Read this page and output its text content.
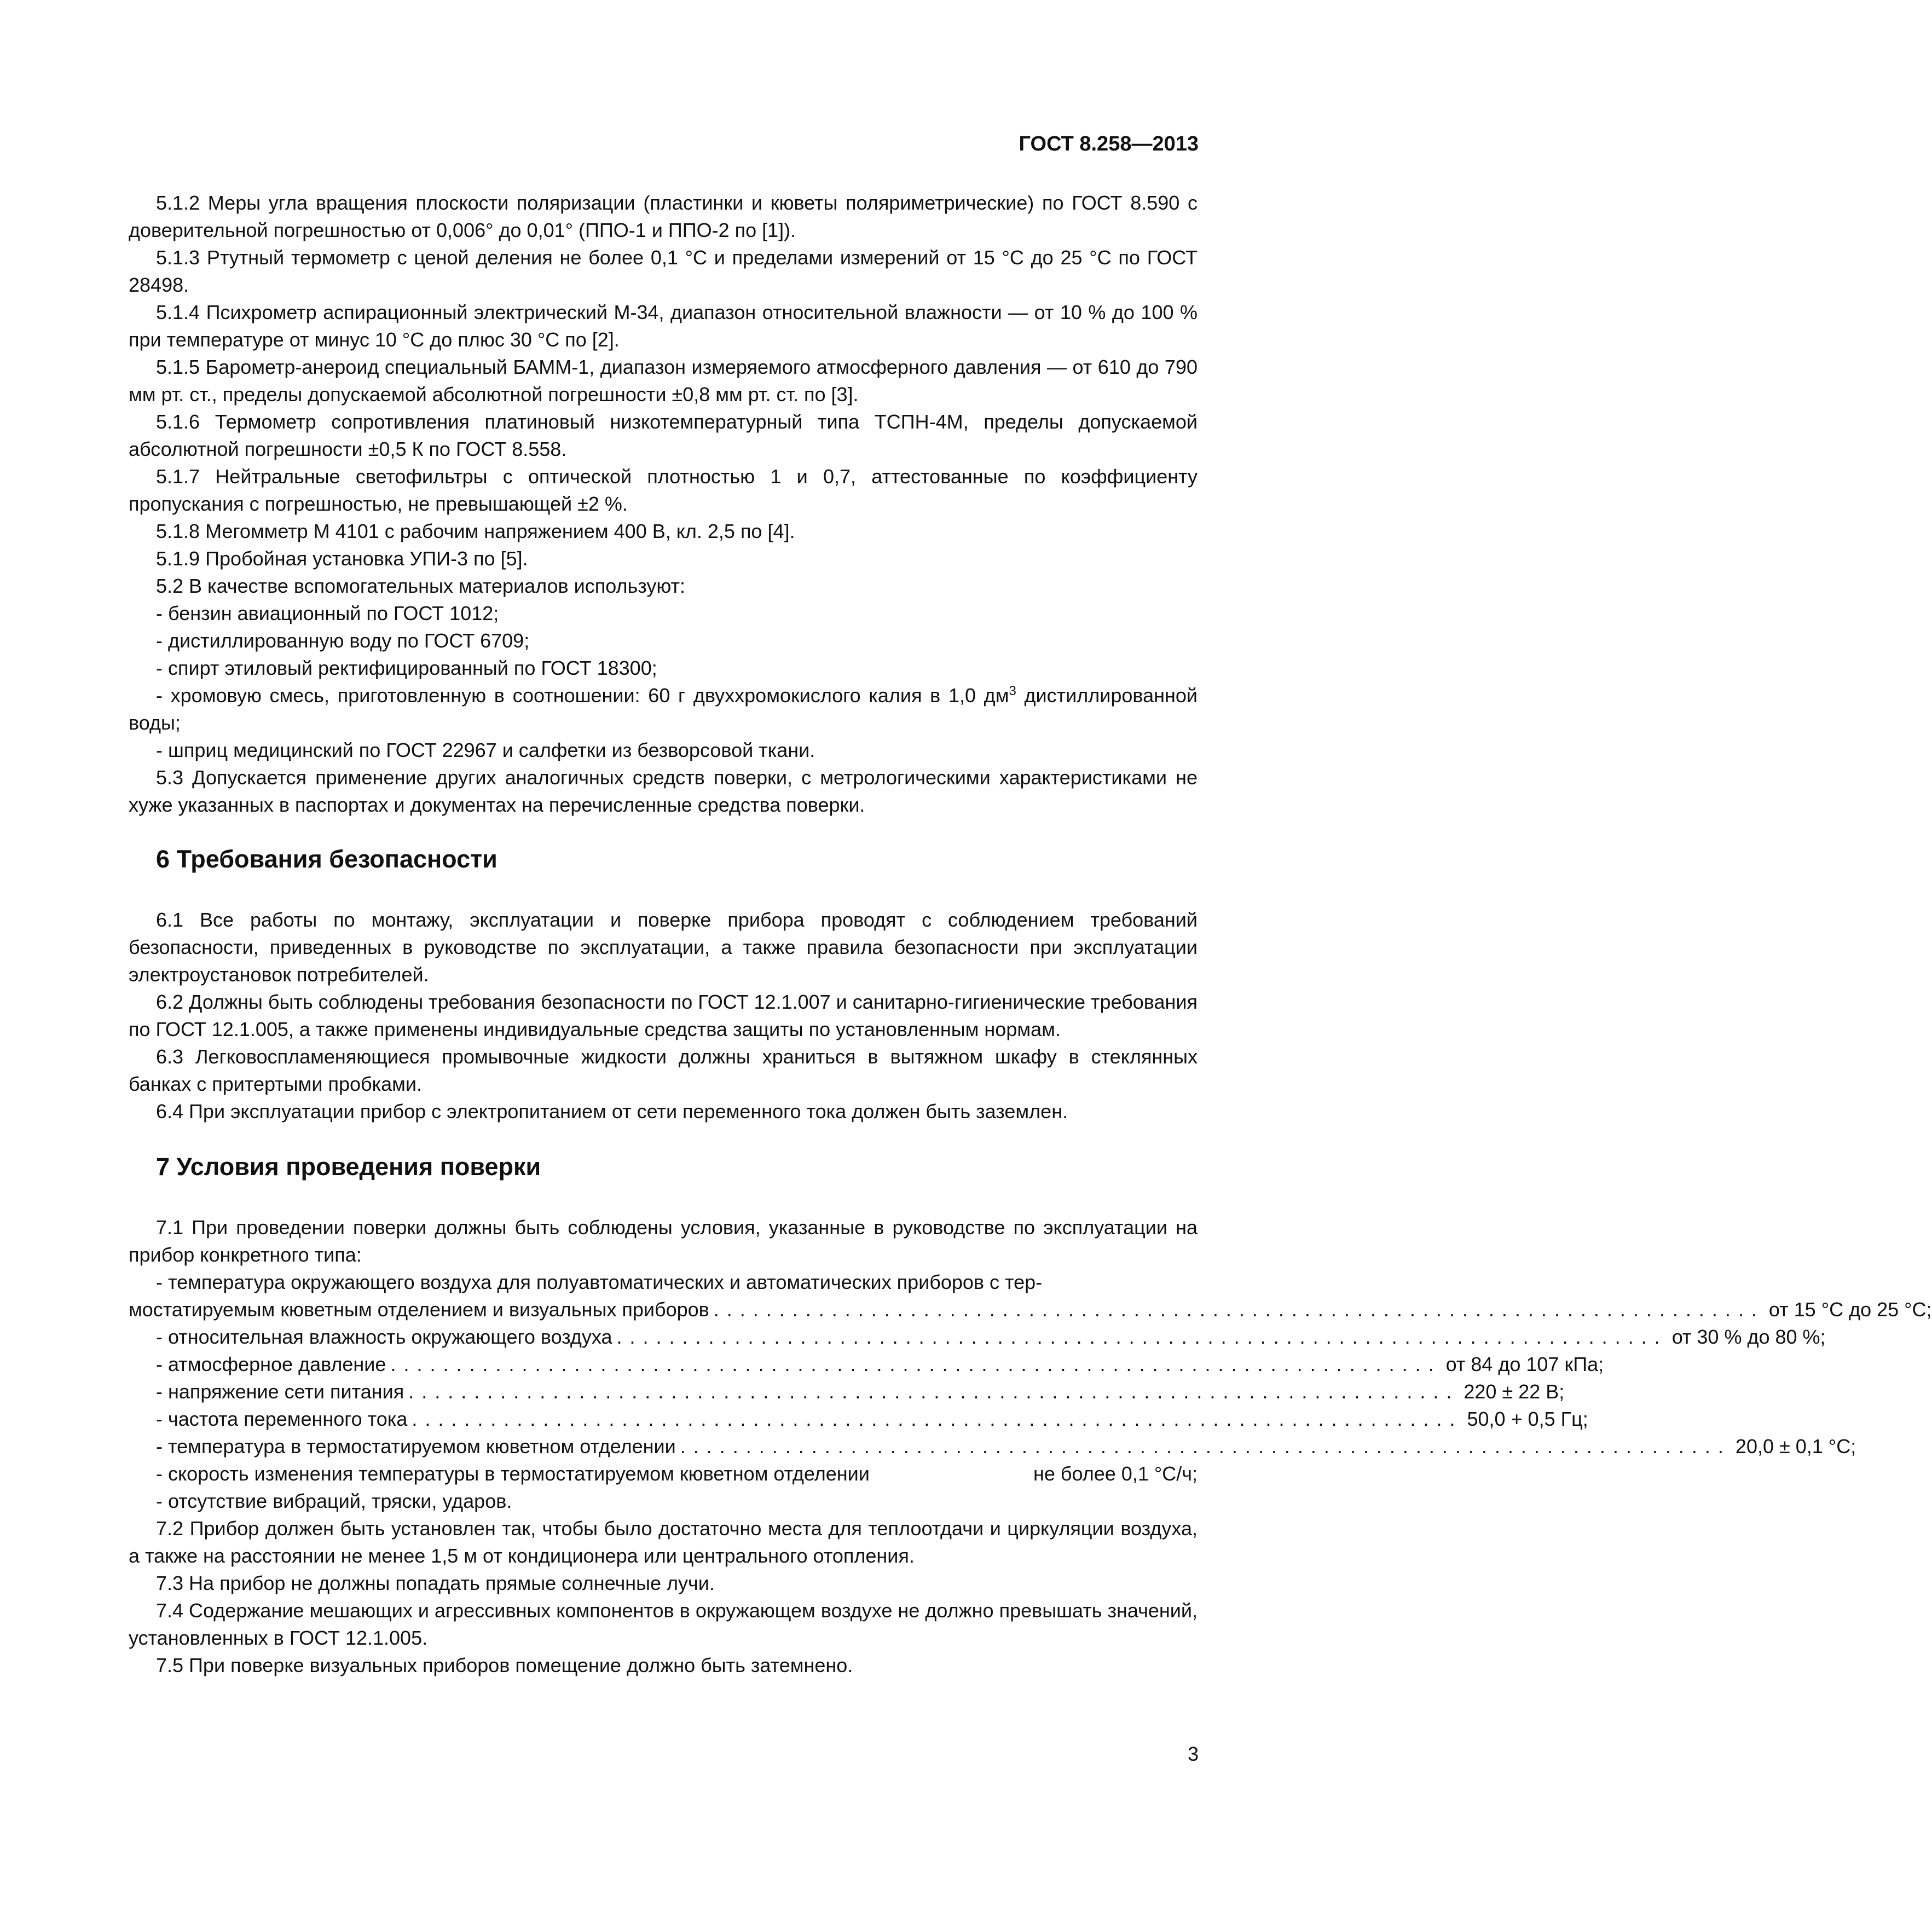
ГОСТ 8.258—2013

5.1.2 Меры угла вращения плоскости поляризации (пластинки и кюветы поляриметрические) по ГОСТ 8.590 с доверительной погрешностью от 0,006° до 0,01° (ППО-1 и ППО-2 по [1]).

5.1.3 Ртутный термометр с ценой деления не более 0,1 °С и пределами измерений от 15 °С до 25 °С по ГОСТ 28498.

5.1.4 Психрометр аспирационный электрический М-34, диапазон относительной влажности — от 10 % до 100 % при температуре от минус 10 °С до плюс 30 °С по [2].

5.1.5 Барометр-анероид специальный БАММ-1, диапазон измеряемого атмосферного давления — от 610 до 790 мм рт. ст., пределы допускаемой абсолютной погрешности ±0,8 мм рт. ст. по [3].

5.1.6 Термометр сопротивления платиновый низкотемпературный типа ТСПН-4М, пределы допускаемой абсолютной погрешности ±0,5 К по ГОСТ 8.558.

5.1.7 Нейтральные светофильтры с оптической плотностью 1 и 0,7, аттестованные по коэффициенту пропускания с погрешностью, не превышающей ±2 %.

5.1.8 Мегомметр М 4101 с рабочим напряжением 400 В, кл. 2,5 по [4].

5.1.9 Пробойная установка УПИ-3 по [5].

5.2 В качестве вспомогательных материалов используют:

- бензин авиационный по ГОСТ 1012;

- дистиллированную воду по ГОСТ 6709;

- спирт этиловый ректифицированный по ГОСТ 18300;

- хромовую смесь, приготовленную в соотношении: 60 г двуххромокислого калия в 1,0 $дм^3$ дистиллированной воды;

- шприц медицинский по ГОСТ 22967 и салфетки из безворсовой ткани.

5.3 Допускается применение других аналогичных средств поверки, с метрологическими характеристиками не хуже указанных в паспортах и документах на перечисленные средства поверки.

6 Требования безопасности

6.1 Все работы по монтажу, эксплуатации и поверке прибора проводят с соблюдением требований безопасности, приведенных в руководстве по эксплуатации, а также правила безопасности при эксплуатации электроустановок потребителей.

6.2 Должны быть соблюдены требования безопасности по ГОСТ 12.1.007 и санитарно-гигиенические требования по ГОСТ 12.1.005, а также применены индивидуальные средства защиты по установленным нормам.

6.3 Легковоспламеняющиеся промывочные жидкости должны храниться в вытяжном шкафу в стеклянных банках с притертыми пробками.

6.4 При эксплуатации прибор с электропитанием от сети переменного тока должен быть заземлен.

7 Условия проведения поверки

7.1 При проведении поверки должны быть соблюдены условия, указанные в руководстве по эксплуатации на прибор конкретного типа:

- температура окружающего воздуха для полуавтоматических и автоматических приборов с тер-

мостатируемым кюветным отделением и визуальных приборов ................................................................................ от 15 °С до 25 °С;
- относительная влажность окружающего воздуха ................................................................................ от 30 % до 80 %;
- атмосферное давление ................................................................................ от 84 до 107 кПа;
- напряжение сети питания ................................................................................ 220 ± 22 В;
- частота переменного тока ................................................................................ 50,0 + 0,5 Гц;
- температура в термостатируемом кюветном отделении ................................................................................ 20,0 ± 0,1 °С;
- скорость изменения температуры в термостатируемом кюветном отделении	не более 0,1 °С/ч;

- отсутствие вибраций, тряски, ударов.

7.2 Прибор должен быть установлен так, чтобы было достаточно места для теплоотдачи и циркуляции воздуха, а также на расстоянии не менее 1,5 м от кондиционера или центрального отопления.

7.3 На прибор не должны попадать прямые солнечные лучи.

7.4 Содержание мешающих и агрессивных компонентов в окружающем воздухе не должно превышать значений, установленных в ГОСТ 12.1.005.

7.5 При поверке визуальных приборов помещение должно быть затемнено.

3
